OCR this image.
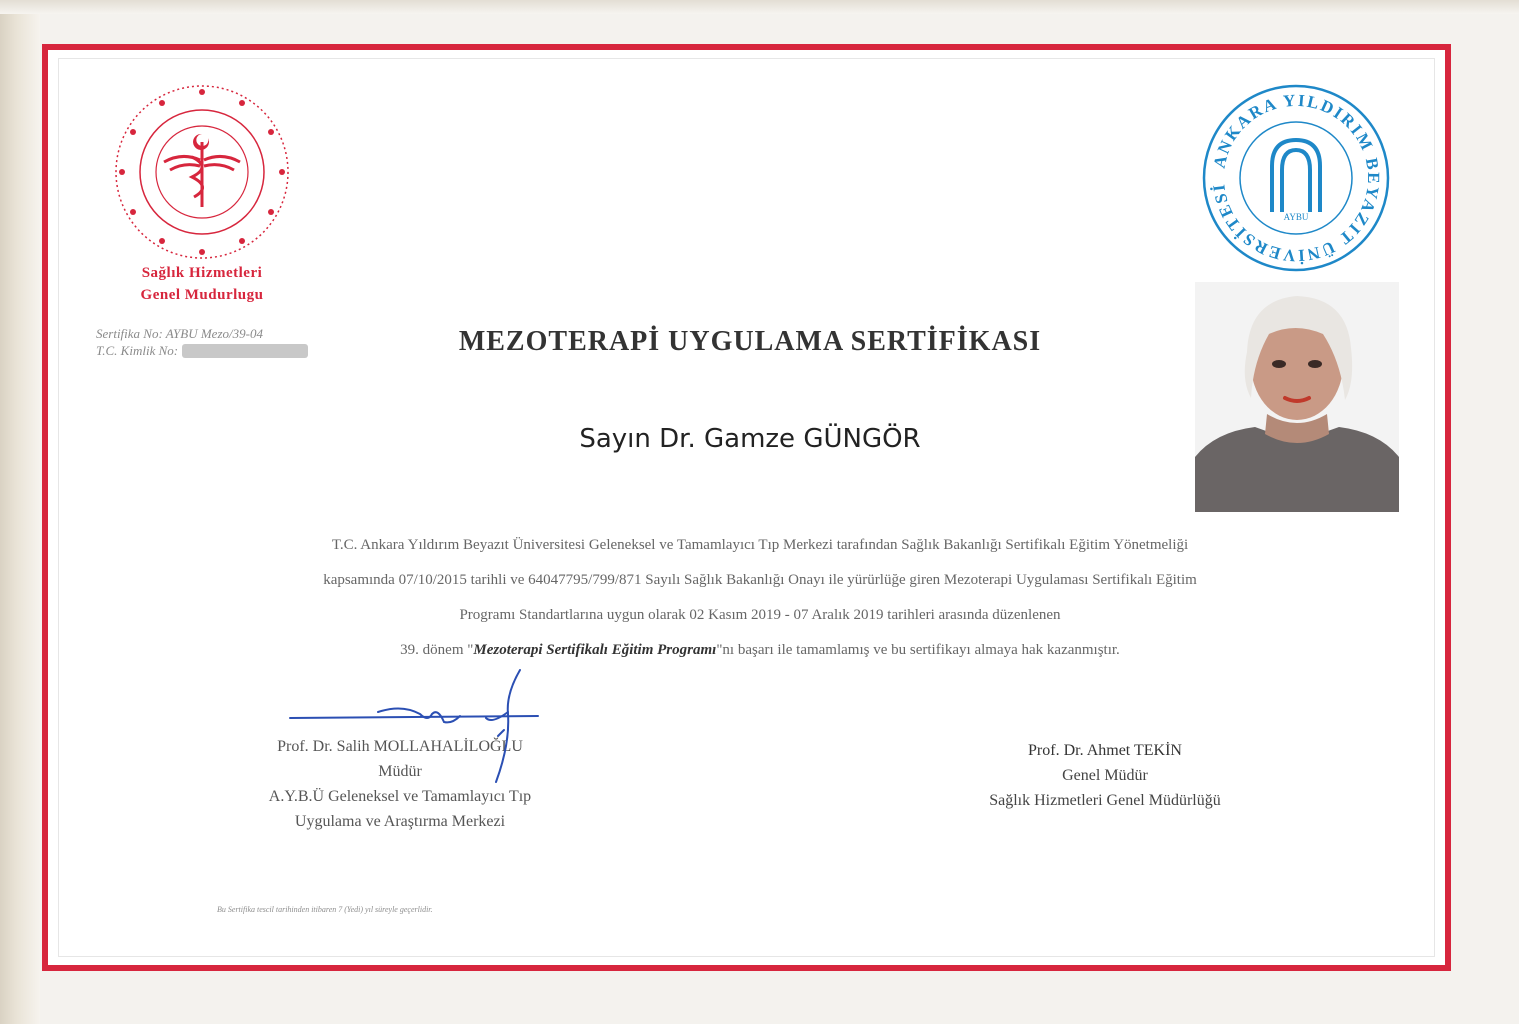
Sağlık Hizmetleri
Genel Mudurlugu
ANKARA YILDIRIM BEYAZIT ÜNİVERSİTESİ
AYBU
Sertifika No: AYBU Mezo/39-04
T.C. Kimlik No:	MEZOTERAPİ UYGULAMA SERTİFİKASI
Sayın Dr. Gamze GÜNGÖR
T.C. Ankara Yıldırım Beyazıt Üniversitesi Geleneksel ve Tamamlayıcı Tıp Merkezi tarafından Sağlık Bakanlığı Sertifikalı Eğitim Yönetmeliği
kapsamında 07/10/2015 tarihli ve 64047795/799/871 Sayılı Sağlık Bakanlığı Onayı ile yürürlüğe giren Mezoterapi Uygulaması Sertifikalı Eğitim
Programı Standartlarına uygun olarak 02 Kasım 2019 - 07 Aralık 2019 tarihleri arasında düzenlenen
39. dönem "Mezoterapi Sertifikalı Eğitim Programı"nı başarı ile tamamlamış ve bu sertifikayı almaya hak kazanmıştır.
Prof. Dr. Salih MOLLAHALİLOĞLU
Müdür
A.Y.B.Ü Geleneksel ve Tamamlayıcı Tıp
Uygulama ve Araştırma Merkezi
Prof. Dr. Ahmet TEKİN
Genel Müdür
Sağlık Hizmetleri Genel Müdürlüğü
Bu Sertifika tescil tarihinden itibaren 7 (Yedi) yıl süreyle geçerlidir.
